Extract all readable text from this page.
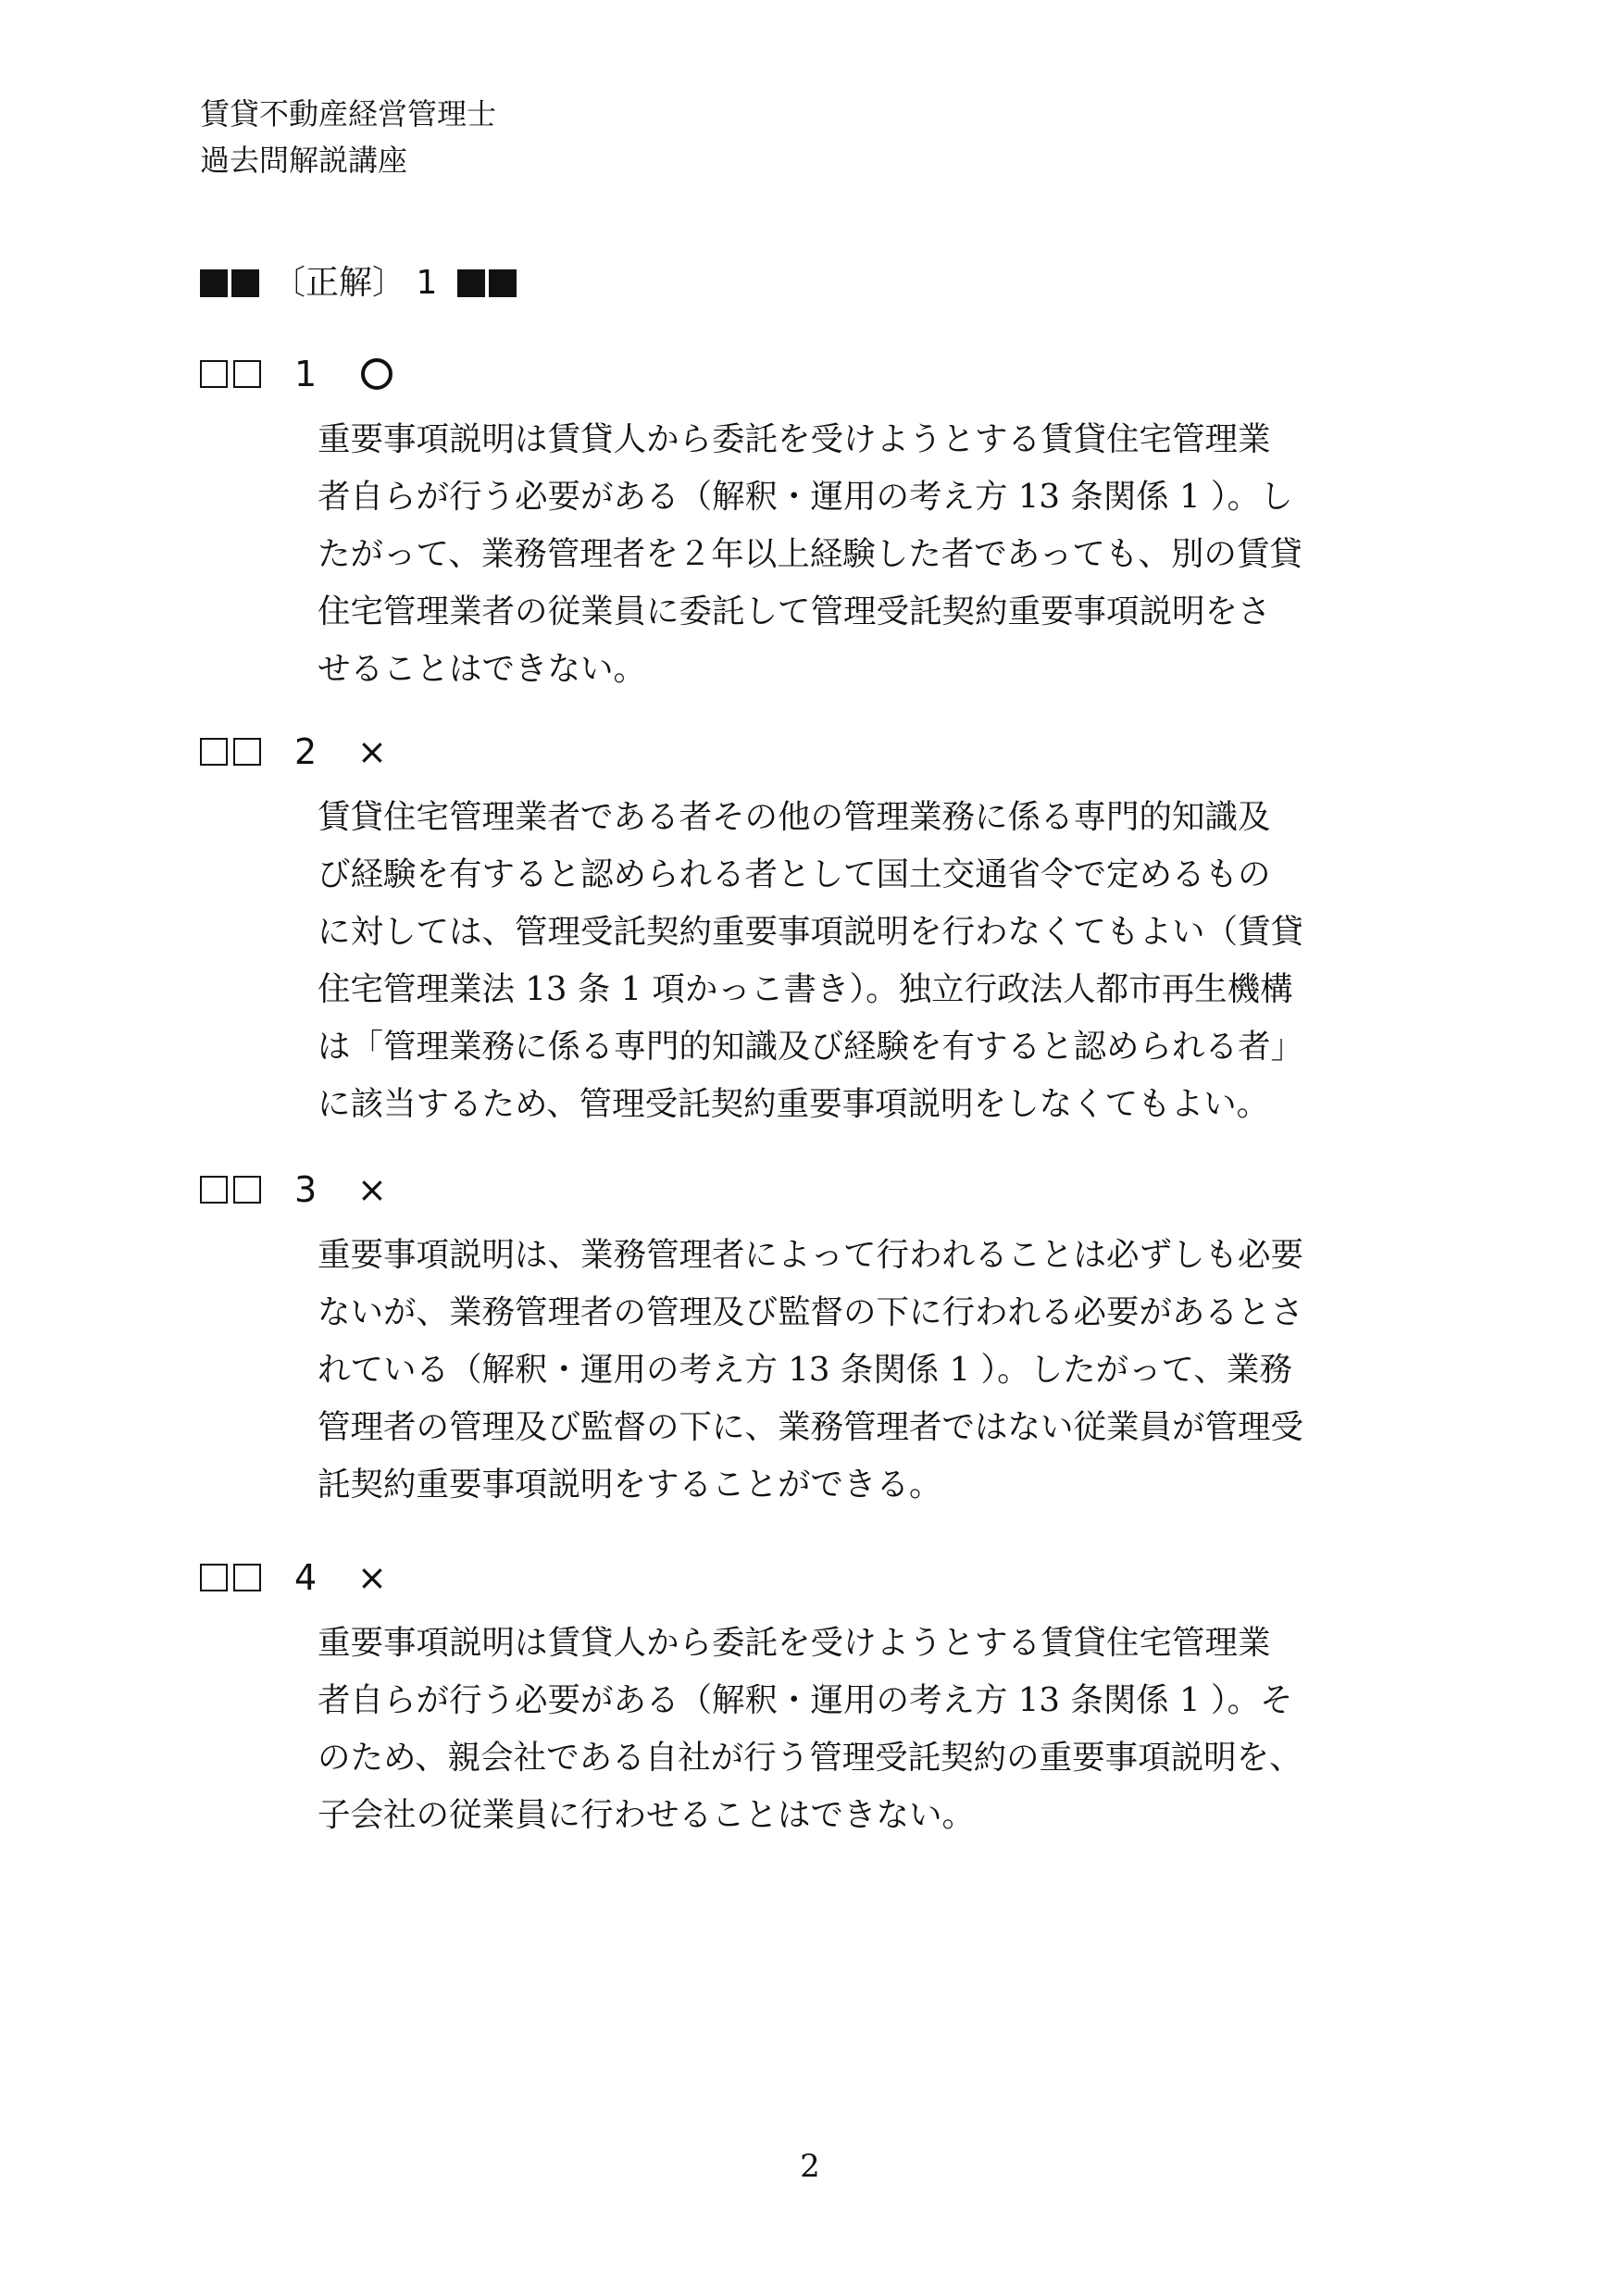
賃貸不動産経営管理士
過去問解説講座
〔正解〕 1
1
重要事項説明は賃貸人から委託を受けようとする賃貸住宅管理業
者自らが行う必要がある（解釈・運用の考え方 13 条関係 1 ）。し
たがって、業務管理者を２年以上経験した者であっても、別の賃貸
住宅管理業者の従業員に委託して管理受託契約重要事項説明をさ
せることはできない。
2	×
賃貸住宅管理業者である者その他の管理業務に係る専門的知識及
び経験を有すると認められる者として国土交通省令で定めるもの
に対しては、管理受託契約重要事項説明を行わなくてもよい（賃貸
住宅管理業法 13 条 1 項かっこ書き）。独立行政法人都市再生機構
は「管理業務に係る専門的知識及び経験を有すると認められる者」
に該当するため、管理受託契約重要事項説明をしなくてもよい。
3	×
重要事項説明は、業務管理者によって行われることは必ずしも必要
ないが、業務管理者の管理及び監督の下に行われる必要があるとさ
れている（解釈・運用の考え方 13 条関係 1 ）。したがって、業務
管理者の管理及び監督の下に、業務管理者ではない従業員が管理受
託契約重要事項説明をすることができる。
4	×
重要事項説明は賃貸人から委託を受けようとする賃貸住宅管理業
者自らが行う必要がある（解釈・運用の考え方 13 条関係 1 ）。そ
のため、親会社である自社が行う管理受託契約の重要事項説明を、
子会社の従業員に行わせることはできない。
2
